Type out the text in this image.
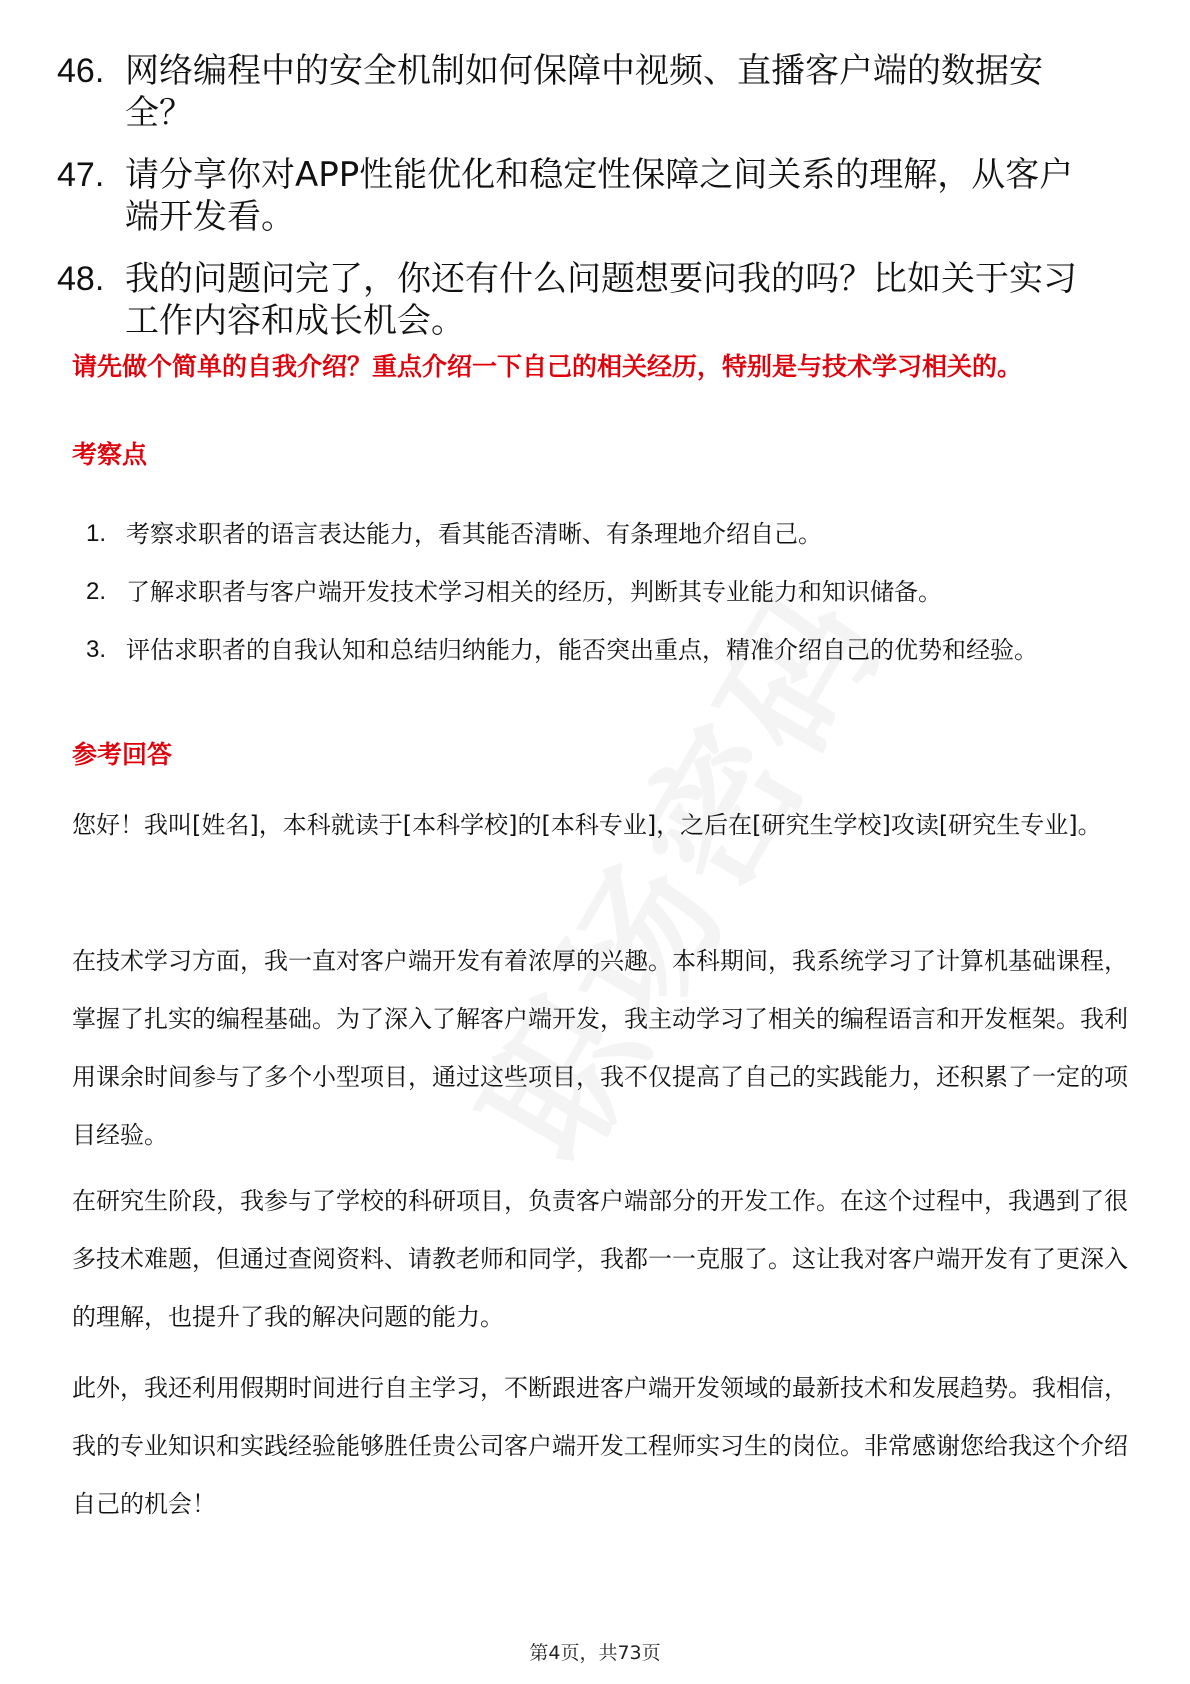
46. 网络编程中的安全机制如何保障中视频、直播客户端的数据安全？
47. 请分享你对APP性能优化和稳定性保障之间关系的理解，从客户端开发看。
48. 我的问题问完了，你还有什么问题想要问我的吗？比如关于实习工作内容和成长机会。
请先做个简单的自我介绍？重点介绍一下自己的相关经历，特别是与技术学习相关的。
考察点
1. 考察求职者的语言表达能力，看其能否清晰、有条理地介绍自己。
2. 了解求职者与客户端开发技术学习相关的经历，判断其专业能力和知识储备。
3. 评估求职者的自我认知和总结归纳能力，能否突出重点，精准介绍自己的优势和经验。
参考回答

您好！我叫[姓名]，本科就读于[本科学校]的[本科专业]，之后在[研究生学校]攻读[研究生专业]。

在技术学习方面，我一直对客户端开发有着浓厚的兴趣。本科期间，我系统学习了计算机基础课程，掌握了扎实的编程基础。为了深入了解客户端开发，我主动学习了相关的编程语言和开发框架。我利用课余时间参与了多个小型项目，通过这些项目，我不仅提高了自己的实践能力，还积累了一定的项目经验。

在研究生阶段，我参与了学校的科研项目，负责客户端部分的开发工作。在这个过程中，我遇到了很多技术难题，但通过查阅资料、请教老师和同学，我都一一克服了。这让我对客户端开发有了更深入的理解，也提升了我的解决问题的能力。

此外，我还利用假期时间进行自主学习，不断跟进客户端开发领域的最新技术和发展趋势。我相信，我的专业知识和实践经验能够胜任贵公司客户端开发工程师实习生的岗位。非常感谢您给我这个介绍自己的机会！

第4页，共73页
